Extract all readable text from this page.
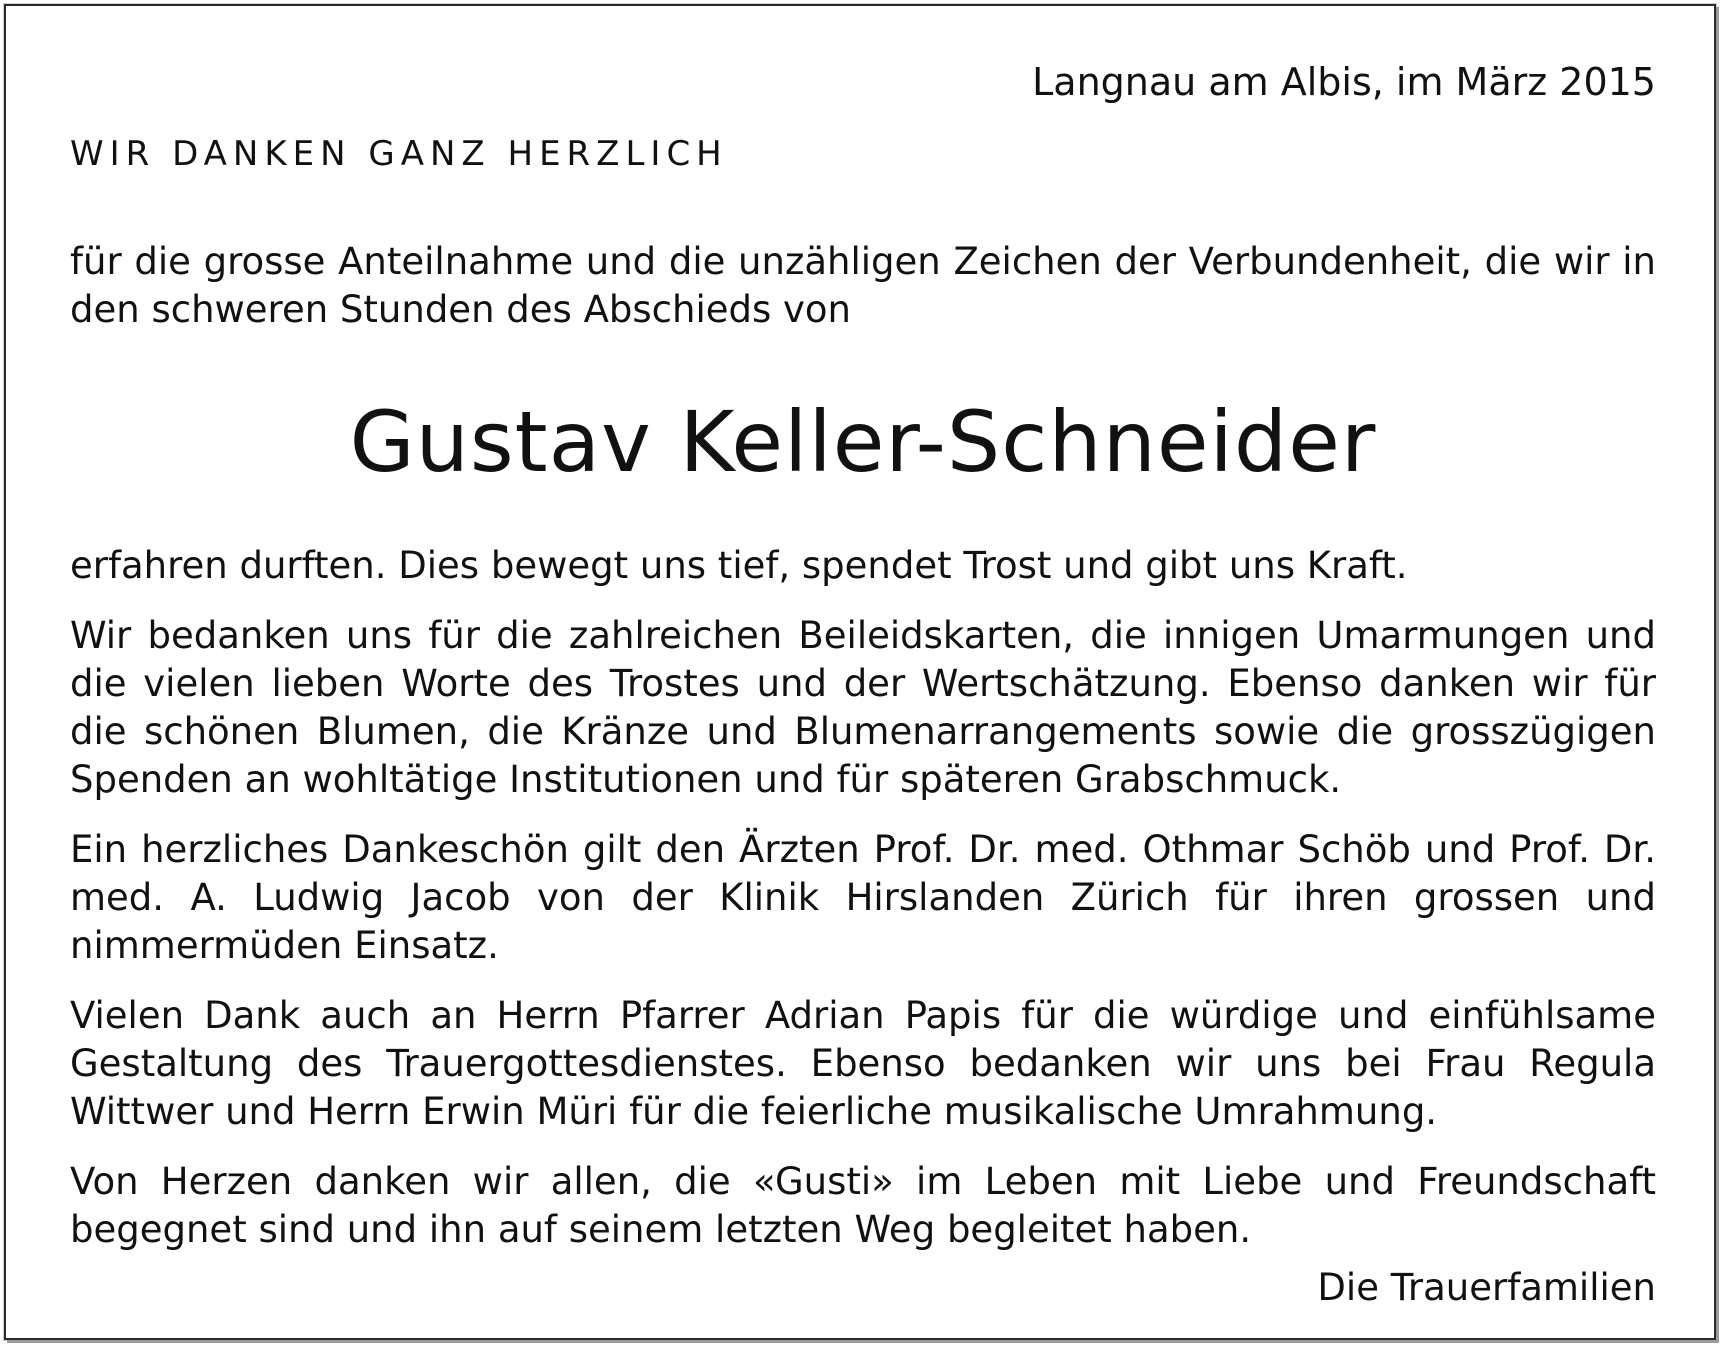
Langnau am Albis, im März 2015
WIR DANKEN GANZ HERZLICH

für die grosse Anteilnahme und die unzähligen Zeichen der Verbundenheit, die wir in den schweren Stunden des Abschieds von

Gustav Keller-Schneider

erfahren durften. Dies bewegt uns tief, spendet Trost und gibt uns Kraft.

Wir bedanken uns für die zahlreichen Beileidskarten, die innigen Umarmungen und die vielen lieben Worte des Trostes und der Wertschätzung. Ebenso danken wir für die schönen Blumen, die Kränze und Blumenarrangements sowie die grosszügigen Spenden an wohltätige Institutionen und für späteren Grabschmuck.

Ein herzliches Dankeschön gilt den Ärzten Prof. Dr. med. Othmar Schöb und Prof. Dr. med. A. Ludwig Jacob von der Klinik Hirslanden Zürich für ihren grossen und nimmermüden Einsatz.

Vielen Dank auch an Herrn Pfarrer Adrian Papis für die würdige und einfühlsame Gestaltung des Trauergottesdienstes. Ebenso bedanken wir uns bei Frau Regula Wittwer und Herrn Erwin Müri für die feierliche musikalische Umrahmung.

Von Herzen danken wir allen, die «Gusti» im Leben mit Liebe und Freundschaft begegnet sind und ihn auf seinem letzten Weg begleitet haben.

Die Trauerfamilien
